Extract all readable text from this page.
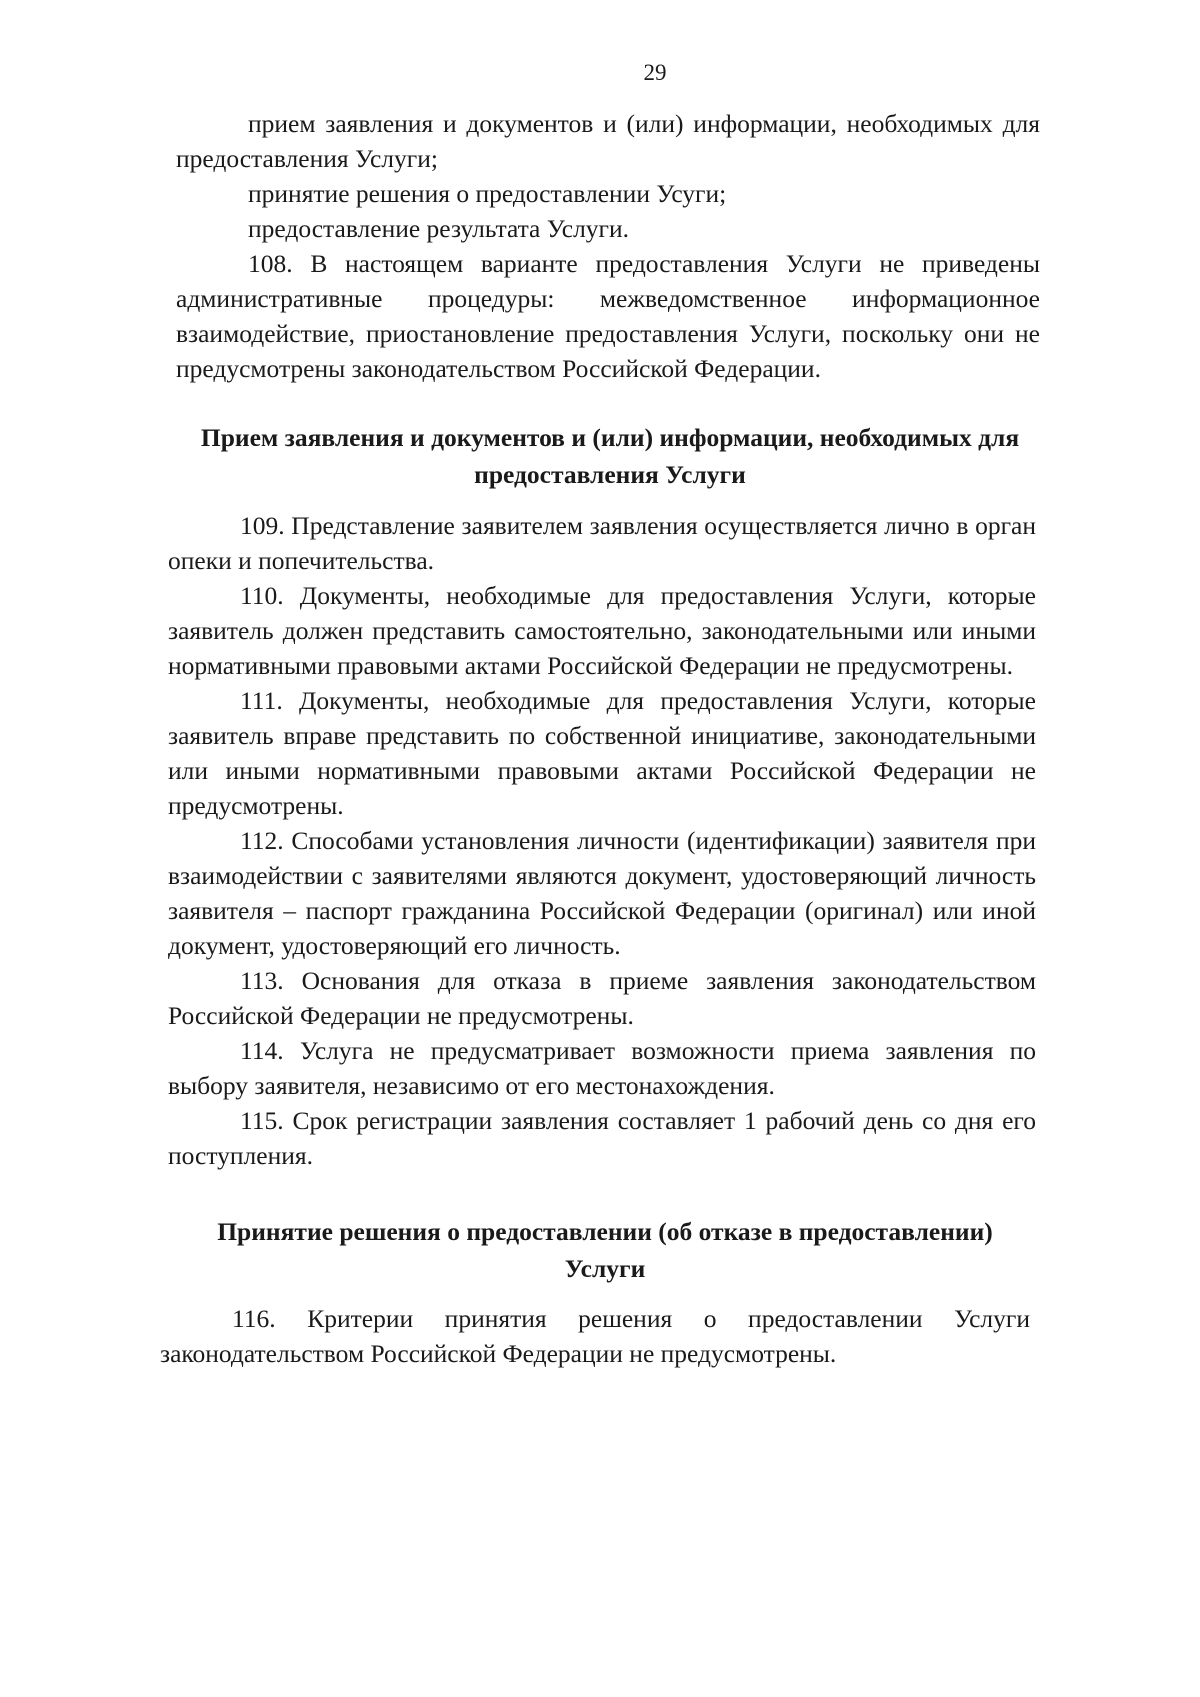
29

прием заявления и документов и (или) информации, необходимых для предоставления Услуги;

принятие решения о предоставлении Усуги;

предоставление результата Услуги.

108. В настоящем варианте предоставления Услуги не приведены административные процедуры: межведомственное информационное взаимодействие, приостановление предоставления Услуги, поскольку они не предусмотрены законодательством Российской Федерации.

Прием заявления и документов и (или) информации, необходимых для
предоставления Услуги

109. Представление заявителем заявления осуществляется лично в орган опеки и попечительства.

110. Документы, необходимые для предоставления Услуги, которые заявитель должен представить самостоятельно, законодательными или иными нормативными правовыми актами Российской Федерации не предусмотрены.

111. Документы, необходимые для предоставления Услуги, которые заявитель вправе представить по собственной инициативе, законодательными или иными нормативными правовыми актами Российской Федерации не предусмотрены.

112. Способами установления личности (идентификации) заявителя при взаимодействии с заявителями являются документ, удостоверяющий личность заявителя – паспорт гражданина Российской Федерации (оригинал) или иной документ, удостоверяющий его личность.

113. Основания для отказа в приеме заявления законодательством Российской Федерации не предусмотрены.

114. Услуга не предусматривает возможности приема заявления по выбору заявителя, независимо от его местонахождения.

115. Срок регистрации заявления составляет 1 рабочий день со дня его поступления.

Принятие решения о предоставлении (об отказе в предоставлении)
Услуги

116. Критерии принятия решения о предоставлении Услуги законодательством Российской Федерации не предусмотрены.
